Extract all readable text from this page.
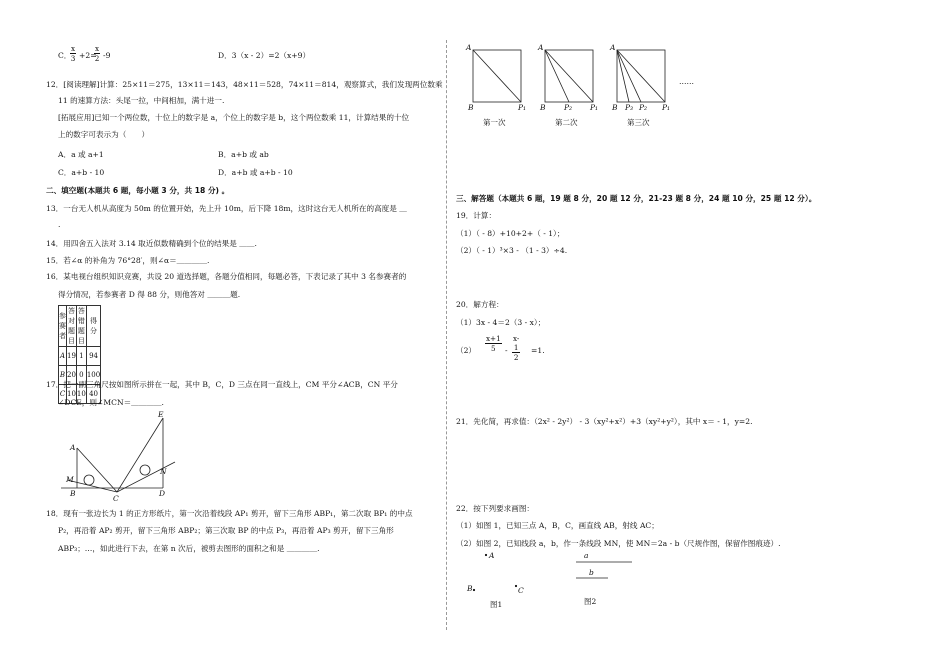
C．
$\frac{x}{3} +2=$
$\frac{x}{2} -9$	D．3（x - 2）=2（x+9）
12．[阅读理解]计算：25×11＝275，13×11＝143，48×11＝528，74×11＝814，观察算式，我们发现两位数乘
11 的速算方法：头尾一拉，中间相加，满十进一.
[拓展应用]已知一个两位数，十位上的数字是 a，个位上的数字是 b，这个两位数乘 11，计算结果的十位
上的数字可表示为（　　）
A．a 或 a+1	B．a+b 或 ab
C．a+b - 10	D．a+b 或 a+b - 10
二、填空题(本题共 6 题，每小题 3 分，共 18 分) 。
13．一台无人机从高度为 50m 的位置开始，先上升 10m，后下降 18m，这时这台无人机所在的高度是 ＿
.
14．用四舍五入法对 3.14 取近似数精确到个位的结果是 ＿＿.
15．若∠α 的补角为 76°28′，则∠α＝＿＿＿＿.
16．某电视台组织知识竞赛，共设 20 道选择题，各题分值相同，每题必答，下表记录了其中 3 名参赛者的
得分情况，若参赛者 D 得 88 分，则他答对 ＿＿＿题.
参赛者	答对题目	答错题目	得分
A	19	1	94
B	20	0	100
C	10	10	40
17．把一副三角尺按如图所示拼在一起，其中 B，C，D 三点在同一直线上，CM 平分∠ACB，CN 平分
∠DCE，则∠MCN＝＿＿＿＿.
E
A
M
N
B
C
D
18．现有一张边长为 1 的正方形纸片，第一次沿着线段 AP₁ 剪开，留下三角形 ABP₁，第二次取 BP₁ 的中点
P₂，再沿着 AP₂ 剪开，留下三角形 ABP₂；第三次取 BP 的中点 P₃，再沿着 AP₃ 剪开，留下三角形
ABP₃；…，如此进行下去，在第 n 次后，被剪去图形的面积之和是 ＿＿＿＿.
A
B	P₁
A
B P₂ P₁
A
B P₃ P₂ P₁
……
第一次	第二次	第三次
三、解答题（本题共 6 题，19 题 8 分，20 题 12 分，21-23 题 8 分，24 题 10 分，25 题 12 分）。
19．计算：
（1）（ - 8）+10+2+（ - 1）；
（2）（ - 1）³×3 - （1 - 3）÷4.
20．解方程：
（1）3x - 4＝2（3 - x）；
$(2) \frac{x+1}{5} - \frac{x-1}{2} =1$.
21．先化简，再求值：（2x² - 2y²） - 3（xy²+x²）+3（xy²+y²），其中 x＝ - 1，y=2.
22．按下列要求画图：
（1）如图 1，已知三点 A，B，C，画直线 AB，射线 AC；
（2）如图 2，已知线段 a，b，作一条线段 MN，使 MN＝2a - b（尺规作图，保留作图痕迹）.
A
B	C
a
b
图1	图2
